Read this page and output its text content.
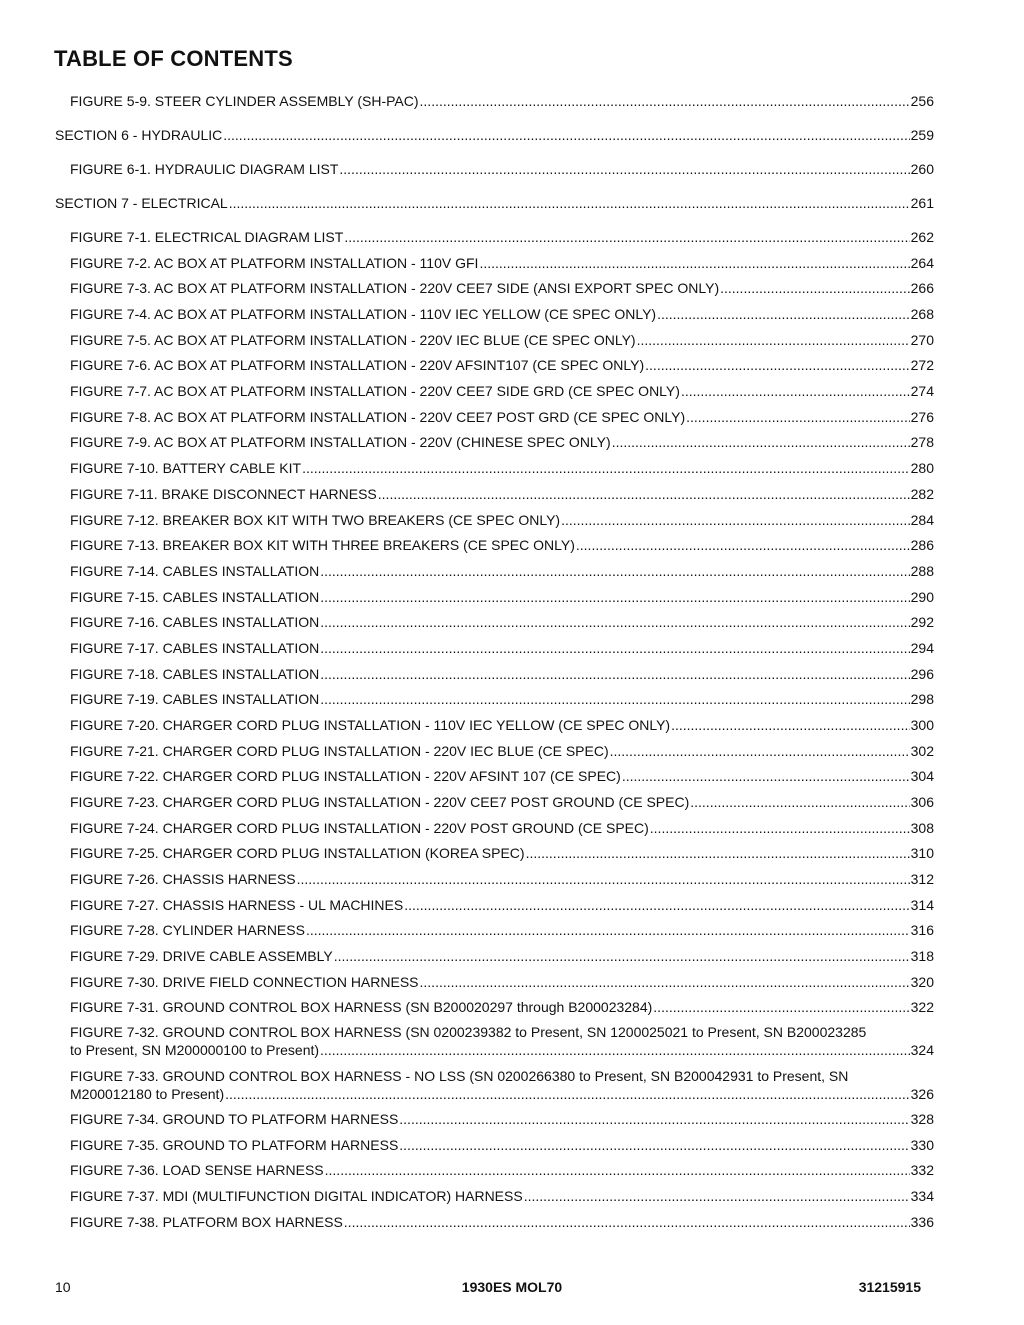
TABLE OF CONTENTS
FIGURE 5-9. STEER CYLINDER ASSEMBLY (SH-PAC) .....	256
SECTION 6 - HYDRAULIC .....	259
FIGURE 6-1. HYDRAULIC DIAGRAM LIST .....	260
SECTION 7 - ELECTRICAL .....	261
FIGURE 7-1. ELECTRICAL DIAGRAM LIST .....	262
FIGURE 7-2. AC BOX AT PLATFORM INSTALLATION - 110V GFI .....	264
FIGURE 7-3. AC BOX AT PLATFORM INSTALLATION - 220V CEE7 SIDE (ANSI EXPORT SPEC ONLY) .....	266
FIGURE 7-4. AC BOX AT PLATFORM INSTALLATION - 110V IEC YELLOW (CE SPEC ONLY) .....	268
FIGURE 7-5. AC BOX AT PLATFORM INSTALLATION - 220V IEC BLUE (CE SPEC ONLY) .....	270
FIGURE 7-6. AC BOX AT PLATFORM INSTALLATION - 220V AFSINT107 (CE SPEC ONLY) .....	272
FIGURE 7-7. AC BOX AT PLATFORM INSTALLATION - 220V CEE7 SIDE GRD (CE SPEC ONLY) .....	274
FIGURE 7-8. AC BOX AT PLATFORM INSTALLATION - 220V CEE7 POST GRD (CE SPEC ONLY) .....	276
FIGURE 7-9. AC BOX AT PLATFORM INSTALLATION - 220V (CHINESE SPEC ONLY) .....	278
FIGURE 7-10. BATTERY CABLE KIT .....	280
FIGURE 7-11. BRAKE DISCONNECT HARNESS .....	282
FIGURE 7-12. BREAKER BOX KIT WITH TWO BREAKERS (CE SPEC ONLY) .....	284
FIGURE 7-13. BREAKER BOX KIT WITH THREE BREAKERS (CE SPEC ONLY) .....	286
FIGURE 7-14. CABLES INSTALLATION .....	288
FIGURE 7-15. CABLES INSTALLATION .....	290
FIGURE 7-16. CABLES INSTALLATION .....	292
FIGURE 7-17. CABLES INSTALLATION .....	294
FIGURE 7-18. CABLES INSTALLATION .....	296
FIGURE 7-19. CABLES INSTALLATION .....	298
FIGURE 7-20. CHARGER CORD PLUG INSTALLATION - 110V IEC YELLOW (CE SPEC ONLY) .....	300
FIGURE 7-21. CHARGER CORD PLUG INSTALLATION - 220V IEC BLUE (CE SPEC) .....	302
FIGURE 7-22. CHARGER CORD PLUG INSTALLATION - 220V AFSINT 107 (CE SPEC) .....	304
FIGURE 7-23. CHARGER CORD PLUG INSTALLATION - 220V CEE7 POST GROUND (CE SPEC) .....	306
FIGURE 7-24. CHARGER CORD PLUG INSTALLATION - 220V POST GROUND (CE SPEC) .....	308
FIGURE 7-25. CHARGER CORD PLUG INSTALLATION (KOREA SPEC) .....	310
FIGURE 7-26. CHASSIS HARNESS .....	312
FIGURE 7-27. CHASSIS HARNESS - UL MACHINES .....	314
FIGURE 7-28. CYLINDER HARNESS .....	316
FIGURE 7-29. DRIVE CABLE ASSEMBLY .....	318
FIGURE 7-30. DRIVE FIELD CONNECTION HARNESS .....	320
FIGURE 7-31. GROUND CONTROL BOX HARNESS (SN B200020297 through B200023284) .....	322
FIGURE 7-32. GROUND CONTROL BOX HARNESS (SN 0200239382 to Present, SN 1200025021 to Present, SN B200023285
to Present, SN M200000100 to Present) .....	324
FIGURE 7-33. GROUND CONTROL BOX HARNESS - NO LSS (SN 0200266380 to Present, SN B200042931 to Present, SN
M200012180 to Present) .....	326
FIGURE 7-34. GROUND TO PLATFORM HARNESS .....	328
FIGURE 7-35. GROUND TO PLATFORM HARNESS .....	330
FIGURE 7-36. LOAD SENSE HARNESS .....	332
FIGURE 7-37. MDI (MULTIFUNCTION DIGITAL INDICATOR) HARNESS .....	334
FIGURE 7-38. PLATFORM BOX HARNESS .....	336
10	1930ES MOL70	31215915
